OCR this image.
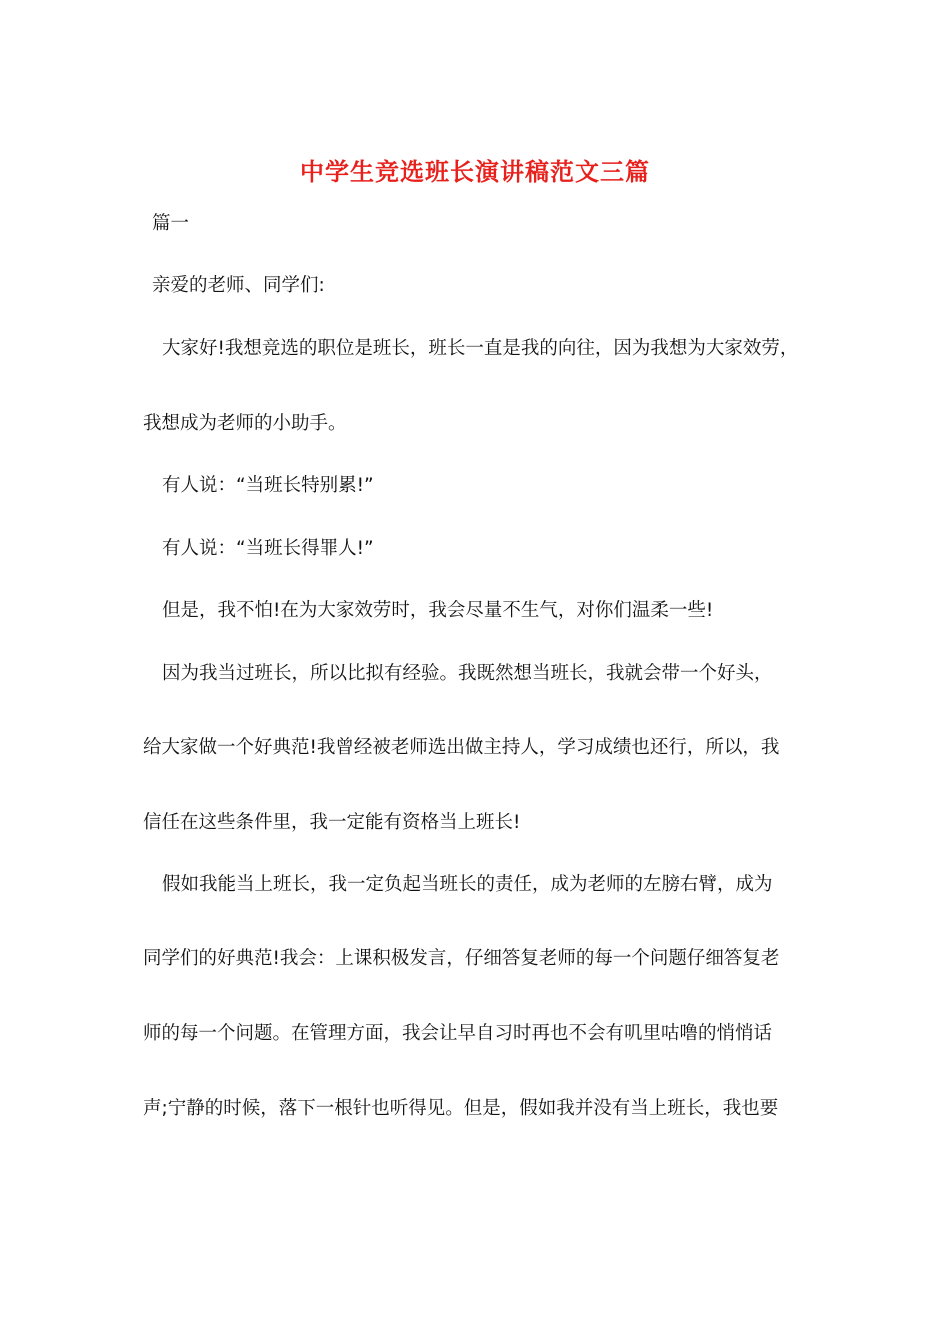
中学生竞选班长演讲稿范文三篇
篇一
亲爱的老师、同学们:
大家好!我想竞选的职位是班长，班长一直是我的向往，因为我想为大家效劳，
我想成为老师的小助手。
有人说：“当班长特别累!”
有人说：“当班长得罪人!”
但是，我不怕!在为大家效劳时，我会尽量不生气，对你们温柔一些!
因为我当过班长，所以比拟有经验。我既然想当班长，我就会带一个好头，
给大家做一个好典范!我曾经被老师选出做主持人，学习成绩也还行，所以，我
信任在这些条件里，我一定能有资格当上班长!
假如我能当上班长，我一定负起当班长的责任，成为老师的左膀右臂，成为
同学们的好典范!我会：上课积极发言，仔细答复老师的每一个问题仔细答复老
师的每一个问题。在管理方面，我会让早自习时再也不会有叽里咕噜的悄悄话
声;宁静的时候，落下一根针也听得见。但是，假如我并没有当上班长，我也要
